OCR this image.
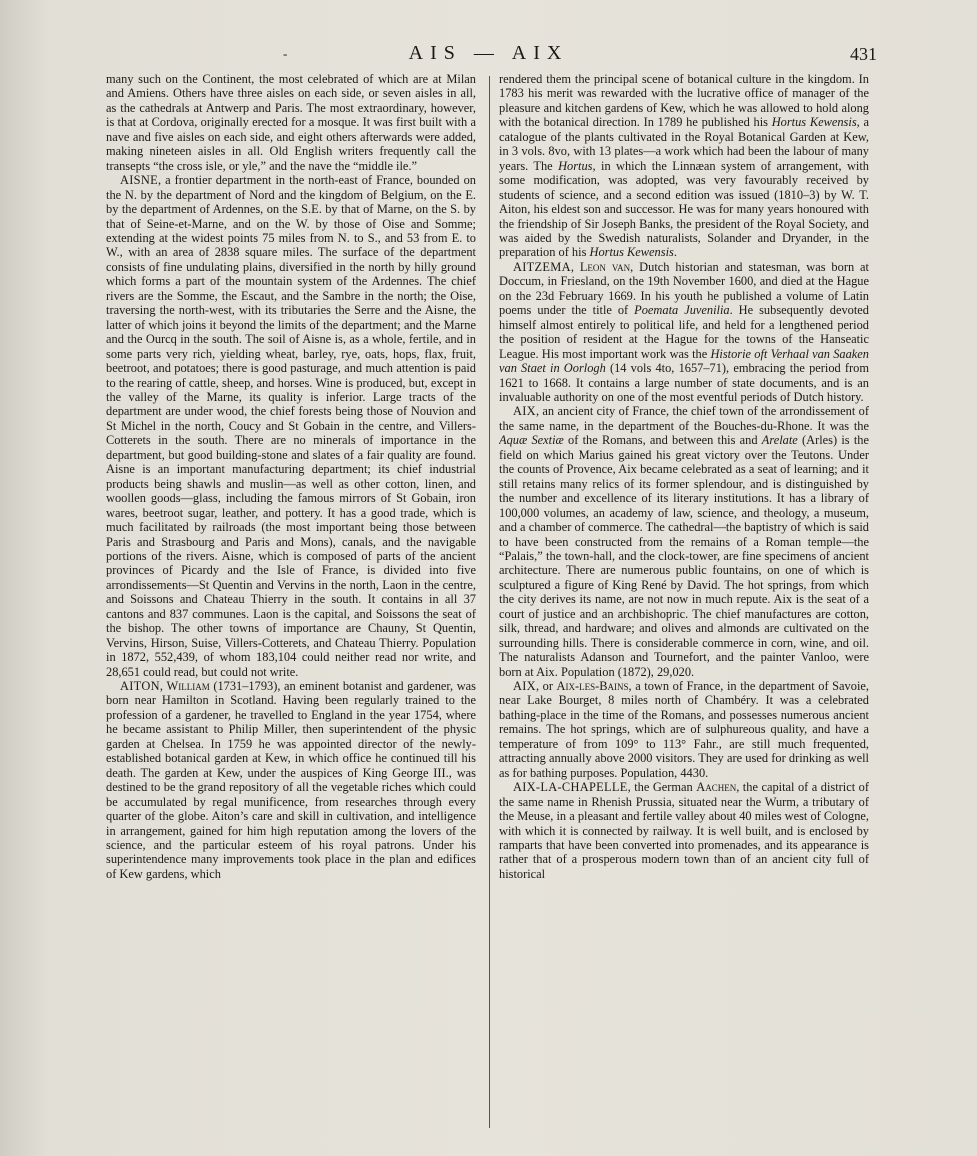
-	AIS — AIX	431

many such on the Continent, the most celebrated of which are at Milan and Amiens. Others have three aisles on each side, or seven aisles in all, as the cathedrals at Antwerp and Paris. The most extraordinary, however, is that at Cordova, originally erected for a mosque. It was first built with a nave and five aisles on each side, and eight others afterwards were added, making nineteen aisles in all. Old English writers frequently call the transepts “the cross isle, or yle,” and the nave the “middle ile.”

AISNE, a frontier department in the north-east of France, bounded on the N. by the department of Nord and the kingdom of Belgium, on the E. by the department of Ardennes, on the S.E. by that of Marne, on the S. by that of Seine-et-Marne, and on the W. by those of Oise and Somme; extending at the widest points 75 miles from N. to S., and 53 from E. to W., with an area of 2838 square miles. The surface of the department consists of fine undulating plains, diversified in the north by hilly ground which forms a part of the mountain system of the Ardennes. The chief rivers are the Somme, the Escaut, and the Sambre in the north; the Oise, traversing the north-west, with its tributaries the Serre and the Aisne, the latter of which joins it beyond the limits of the department; and the Marne and the Ourcq in the south. The soil of Aisne is, as a whole, fertile, and in some parts very rich, yielding wheat, barley, rye, oats, hops, flax, fruit, beetroot, and potatoes; there is good pasturage, and much attention is paid to the rearing of cattle, sheep, and horses. Wine is produced, but, except in the valley of the Marne, its quality is inferior. Large tracts of the department are under wood, the chief forests being those of Nouvion and St Michel in the north, Coucy and St Gobain in the centre, and Villers-Cotterets in the south. There are no minerals of importance in the department, but good building-stone and slates of a fair quality are found. Aisne is an important manufacturing department; its chief industrial products being shawls and muslin—as well as other cotton, linen, and woollen goods—glass, including the famous mirrors of St Gobain, iron wares, beetroot sugar, leather, and pottery. It has a good trade, which is much facilitated by railroads (the most important being those between Paris and Strasbourg and Paris and Mons), canals, and the navigable portions of the rivers. Aisne, which is composed of parts of the ancient provinces of Picardy and the Isle of France, is divided into five arrondissements—St Quentin and Vervins in the north, Laon in the centre, and Soissons and Chateau Thierry in the south. It contains in all 37 cantons and 837 communes. Laon is the capital, and Soissons the seat of the bishop. The other towns of importance are Chauny, St Quentin, Vervins, Hirson, Suise, Villers-Cotterets, and Chateau Thierry. Population in 1872, 552,439, of whom 183,104 could neither read nor write, and 28,651 could read, but could not write.

AITON, William (1731–1793), an eminent botanist and gardener, was born near Hamilton in Scotland. Having been regularly trained to the profession of a gardener, he travelled to England in the year 1754, where he became assistant to Philip Miller, then superintendent of the physic garden at Chelsea. In 1759 he was appointed director of the newly-established botanical garden at Kew, in which office he continued till his death. The garden at Kew, under the auspices of King George III., was destined to be the grand repository of all the vegetable riches which could be accumulated by regal munificence, from researches through every quarter of the globe. Aiton’s care and skill in cultivation, and intelligence in arrangement, gained for him high reputation among the lovers of the science, and the particular esteem of his royal patrons. Under his superintendence many improvements took place in the plan and edifices of Kew gardens, which

rendered them the principal scene of botanical culture in the kingdom. In 1783 his merit was rewarded with the lucrative office of manager of the pleasure and kitchen gardens of Kew, which he was allowed to hold along with the botanical direction. In 1789 he published his Hortus Kewensis, a catalogue of the plants cultivated in the Royal Botanical Garden at Kew, in 3 vols. 8vo, with 13 plates—a work which had been the labour of many years. The Hortus, in which the Linnæan system of arrangement, with some modification, was adopted, was very favourably received by students of science, and a second edition was issued (1810–3) by W. T. Aiton, his eldest son and successor. He was for many years honoured with the friendship of Sir Joseph Banks, the president of the Royal Society, and was aided by the Swedish naturalists, Solander and Dryander, in the preparation of his Hortus Kewensis.

AITZEMA, Leon van, Dutch historian and statesman, was born at Doccum, in Friesland, on the 19th November 1600, and died at the Hague on the 23d February 1669. In his youth he published a volume of Latin poems under the title of Poemata Juvenilia. He subsequently devoted himself almost entirely to political life, and held for a lengthened period the position of resident at the Hague for the towns of the Hanseatic League. His most important work was the Historie oft Verhaal van Saaken van Staet in Oorlogh (14 vols 4to, 1657–71), embracing the period from 1621 to 1668. It contains a large number of state documents, and is an invaluable authority on one of the most eventful periods of Dutch history.

AIX, an ancient city of France, the chief town of the arrondissement of the same name, in the department of the Bouches-du-Rhone. It was the Aquæ Sextiæ of the Romans, and between this and Arelate (Arles) is the field on which Marius gained his great victory over the Teutons. Under the counts of Provence, Aix became celebrated as a seat of learning; and it still retains many relics of its former splendour, and is distinguished by the number and excellence of its literary institutions. It has a library of 100,000 volumes, an academy of law, science, and theology, a museum, and a chamber of commerce. The cathedral—the baptistry of which is said to have been constructed from the remains of a Roman temple—the “Palais,” the town-hall, and the clock-tower, are fine specimens of ancient architecture. There are numerous public fountains, on one of which is sculptured a figure of King René by David. The hot springs, from which the city derives its name, are not now in much repute. Aix is the seat of a court of justice and an archbishopric. The chief manufactures are cotton, silk, thread, and hardware; and olives and almonds are cultivated on the surrounding hills. There is considerable commerce in corn, wine, and oil. The naturalists Adanson and Tournefort, and the painter Vanloo, were born at Aix. Population (1872), 29,020.

AIX, or Aix-les-Bains, a town of France, in the department of Savoie, near Lake Bourget, 8 miles north of Chambéry. It was a celebrated bathing-place in the time of the Romans, and possesses numerous ancient remains. The hot springs, which are of sulphureous quality, and have a temperature of from 109° to 113° Fahr., are still much frequented, attracting annually above 2000 visitors. They are used for drinking as well as for bathing purposes. Population, 4430.

AIX-LA-CHAPELLE, the German Aachen, the capital of a district of the same name in Rhenish Prussia, situated near the Wurm, a tributary of the Meuse, in a pleasant and fertile valley about 40 miles west of Cologne, with which it is connected by railway. It is well built, and is enclosed by ramparts that have been converted into promenades, and its appearance is rather that of a prosperous modern town than of an ancient city full of historical
